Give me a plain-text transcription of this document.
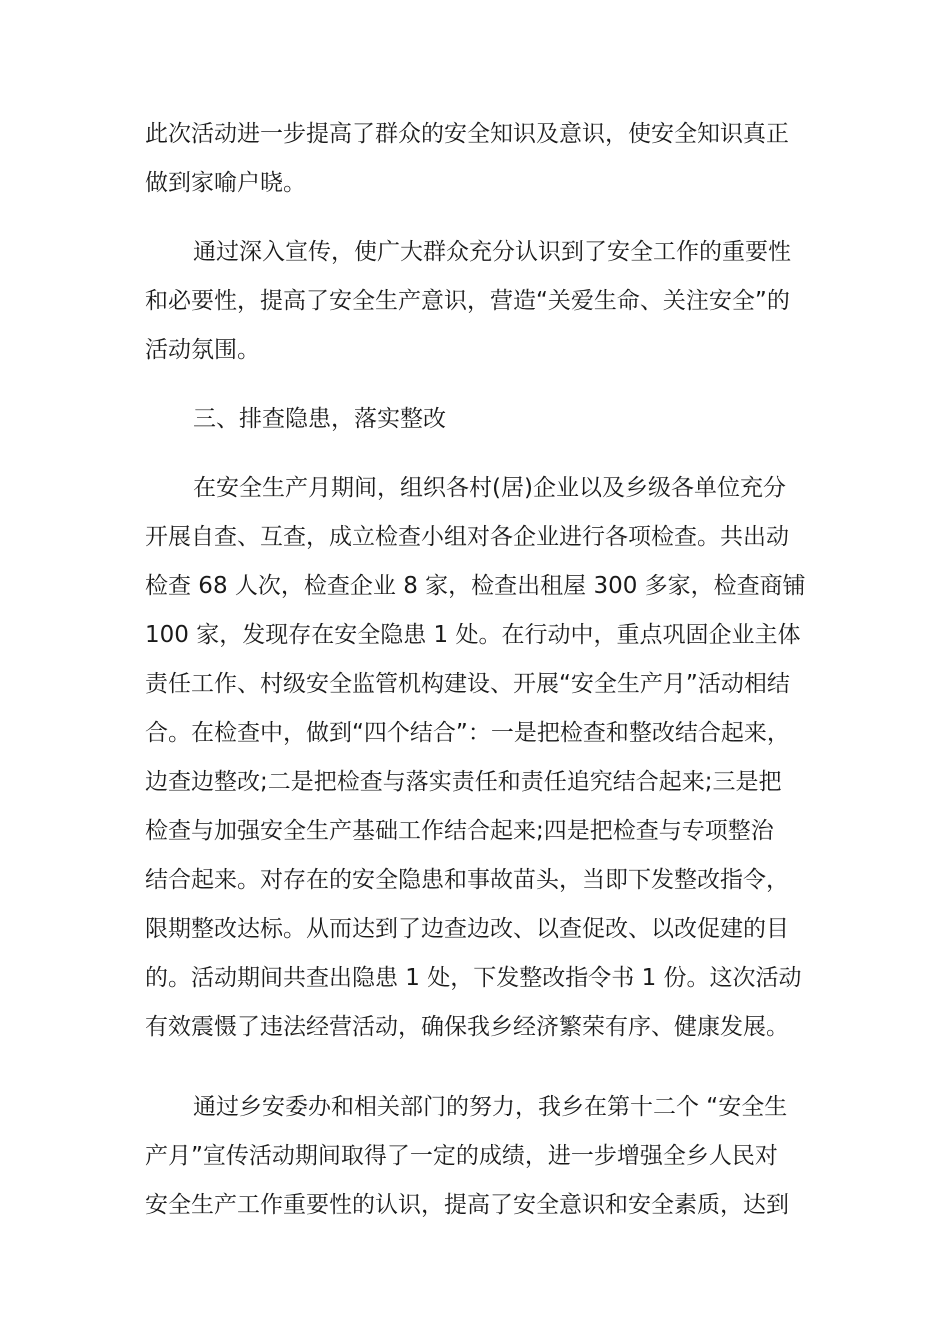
此次活动进一步提高了群众的安全知识及意识，使安全知识真正

做到家喻户晓。

通过深入宣传，使广大群众充分认识到了安全工作的重要性

和必要性，提高了安全生产意识，营造“关爱生命、关注安全”的

活动氛围。

三、排查隐患，落实整改

在安全生产月期间，组织各村(居)企业以及乡级各单位充分

开展自查、互查，成立检查小组对各企业进行各项检查。共出动

检查 68 人次，检查企业 8 家，检查出租屋 300 多家，检查商铺

100 家，发现存在安全隐患 1 处。在行动中，重点巩固企业主体

责任工作、村级安全监管机构建设、开展“安全生产月”活动相结

合。在检查中，做到“四个结合”：一是把检查和整改结合起来，

边查边整改;二是把检查与落实责任和责任追究结合起来;三是把

检查与加强安全生产基础工作结合起来;四是把检查与专项整治

结合起来。对存在的安全隐患和事故苗头，当即下发整改指令，

限期整改达标。从而达到了边查边改、以查促改、以改促建的目

的。活动期间共查出隐患 1 处，下发整改指令书 1 份。这次活动

有效震慑了违法经营活动，确保我乡经济繁荣有序、健康发展。

通过乡安委办和相关部门的努力，我乡在第十二个 “安全生

产月”宣传活动期间取得了一定的成绩，进一步增强全乡人民对

安全生产工作重要性的认识，提高了安全意识和安全素质，达到
